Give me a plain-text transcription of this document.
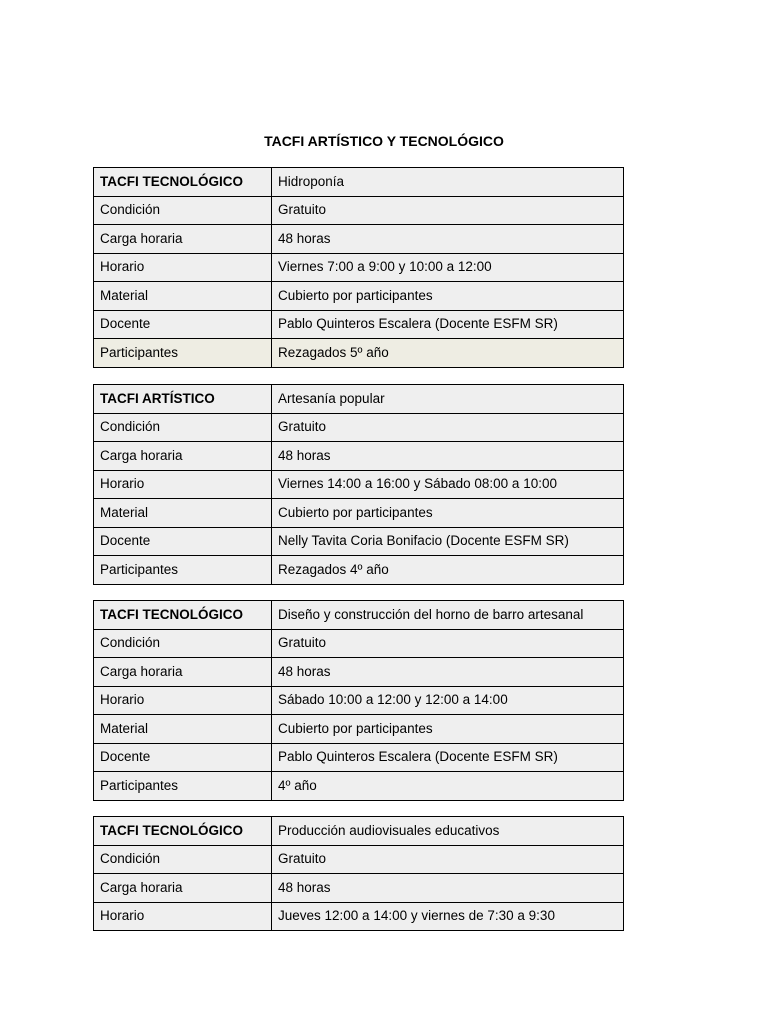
TACFI ARTÍSTICO Y TECNOLÓGICO
TACFI TECNOLÓGICO	Hidroponía
Condición	Gratuito
Carga horaria	48 horas
Horario	Viernes 7:00 a 9:00 y 10:00 a 12:00
Material	Cubierto por participantes
Docente	Pablo Quinteros Escalera (Docente ESFM SR)
Participantes	Rezagados 5º año
TACFI ARTÍSTICO	Artesanía popular
Condición	Gratuito
Carga horaria	48 horas
Horario	Viernes 14:00 a 16:00 y Sábado 08:00 a 10:00
Material	Cubierto por participantes
Docente	Nelly Tavita Coria Bonifacio (Docente ESFM SR)
Participantes	Rezagados 4º año
TACFI TECNOLÓGICO	Diseño y construcción del horno de barro artesanal
Condición	Gratuito
Carga horaria	48 horas
Horario	Sábado 10:00 a 12:00 y 12:00 a 14:00
Material	Cubierto por participantes
Docente	Pablo Quinteros Escalera (Docente ESFM SR)
Participantes	4º año
TACFI TECNOLÓGICO	Producción audiovisuales educativos
Condición	Gratuito
Carga horaria	48 horas
Horario	Jueves 12:00 a 14:00 y viernes de 7:30 a 9:30
